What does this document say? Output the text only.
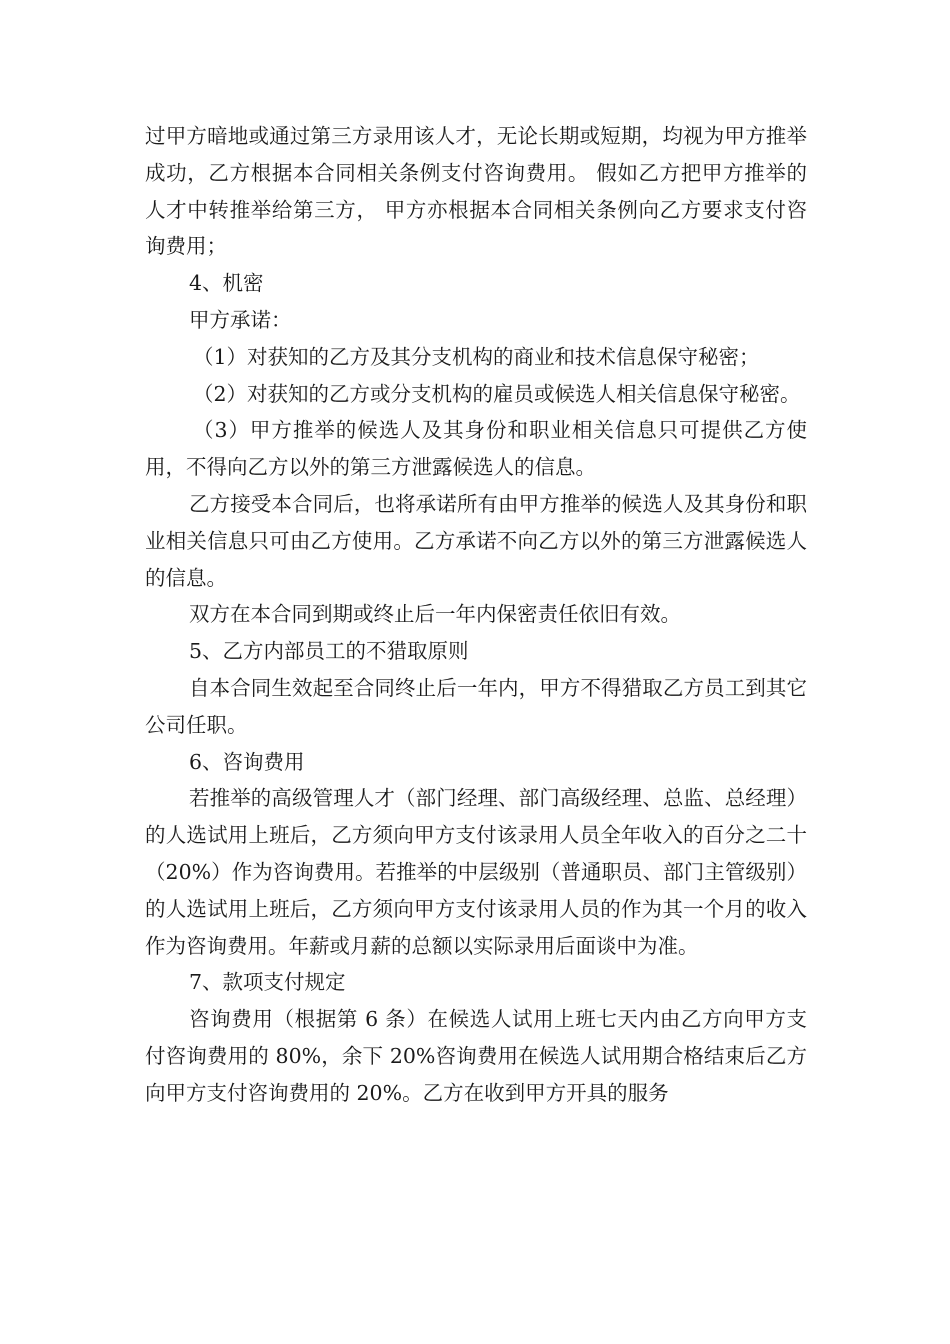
过甲方暗地或通过第三方录用该人才，无论长期或短期，均视为甲方推举成功，乙方根据本合同相关条例支付咨询费用。 假如乙方把甲方推举的人才中转推举给第三方， 甲方亦根据本合同相关条例向乙方要求支付咨询费用；

4、机密

甲方承诺：

（1）对获知的乙方及其分支机构的商业和技术信息保守秘密；

（2）对获知的乙方或分支机构的雇员或候选人相关信息保守秘密。

（3）甲方推举的候选人及其身份和职业相关信息只可提供乙方使用，不得向乙方以外的第三方泄露候选人的信息。

乙方接受本合同后，也将承诺所有由甲方推举的候选人及其身份和职业相关信息只可由乙方使用。乙方承诺不向乙方以外的第三方泄露候选人的信息。

双方在本合同到期或终止后一年内保密责任依旧有效。

5、乙方内部员工的不猎取原则

自本合同生效起至合同终止后一年内，甲方不得猎取乙方员工到其它公司任职。

6、咨询费用

若推举的高级管理人才（部门经理、部门高级经理、总监、总经理）的人选试用上班后，乙方须向甲方支付该录用人员全年收入的百分之二十（20%）作为咨询费用。若推举的中层级别（普通职员、部门主管级别）的人选试用上班后，乙方须向甲方支付该录用人员的作为其一个月的收入作为咨询费用。年薪或月薪的总额以实际录用后面谈中为准。

7、款项支付规定

咨询费用（根据第 6 条）在候选人试用上班七天内由乙方向甲方支付咨询费用的 80%，余下 20%咨询费用在候选人试用期合格结束后乙方向甲方支付咨询费用的 20%。乙方在收到甲方开具的服务
